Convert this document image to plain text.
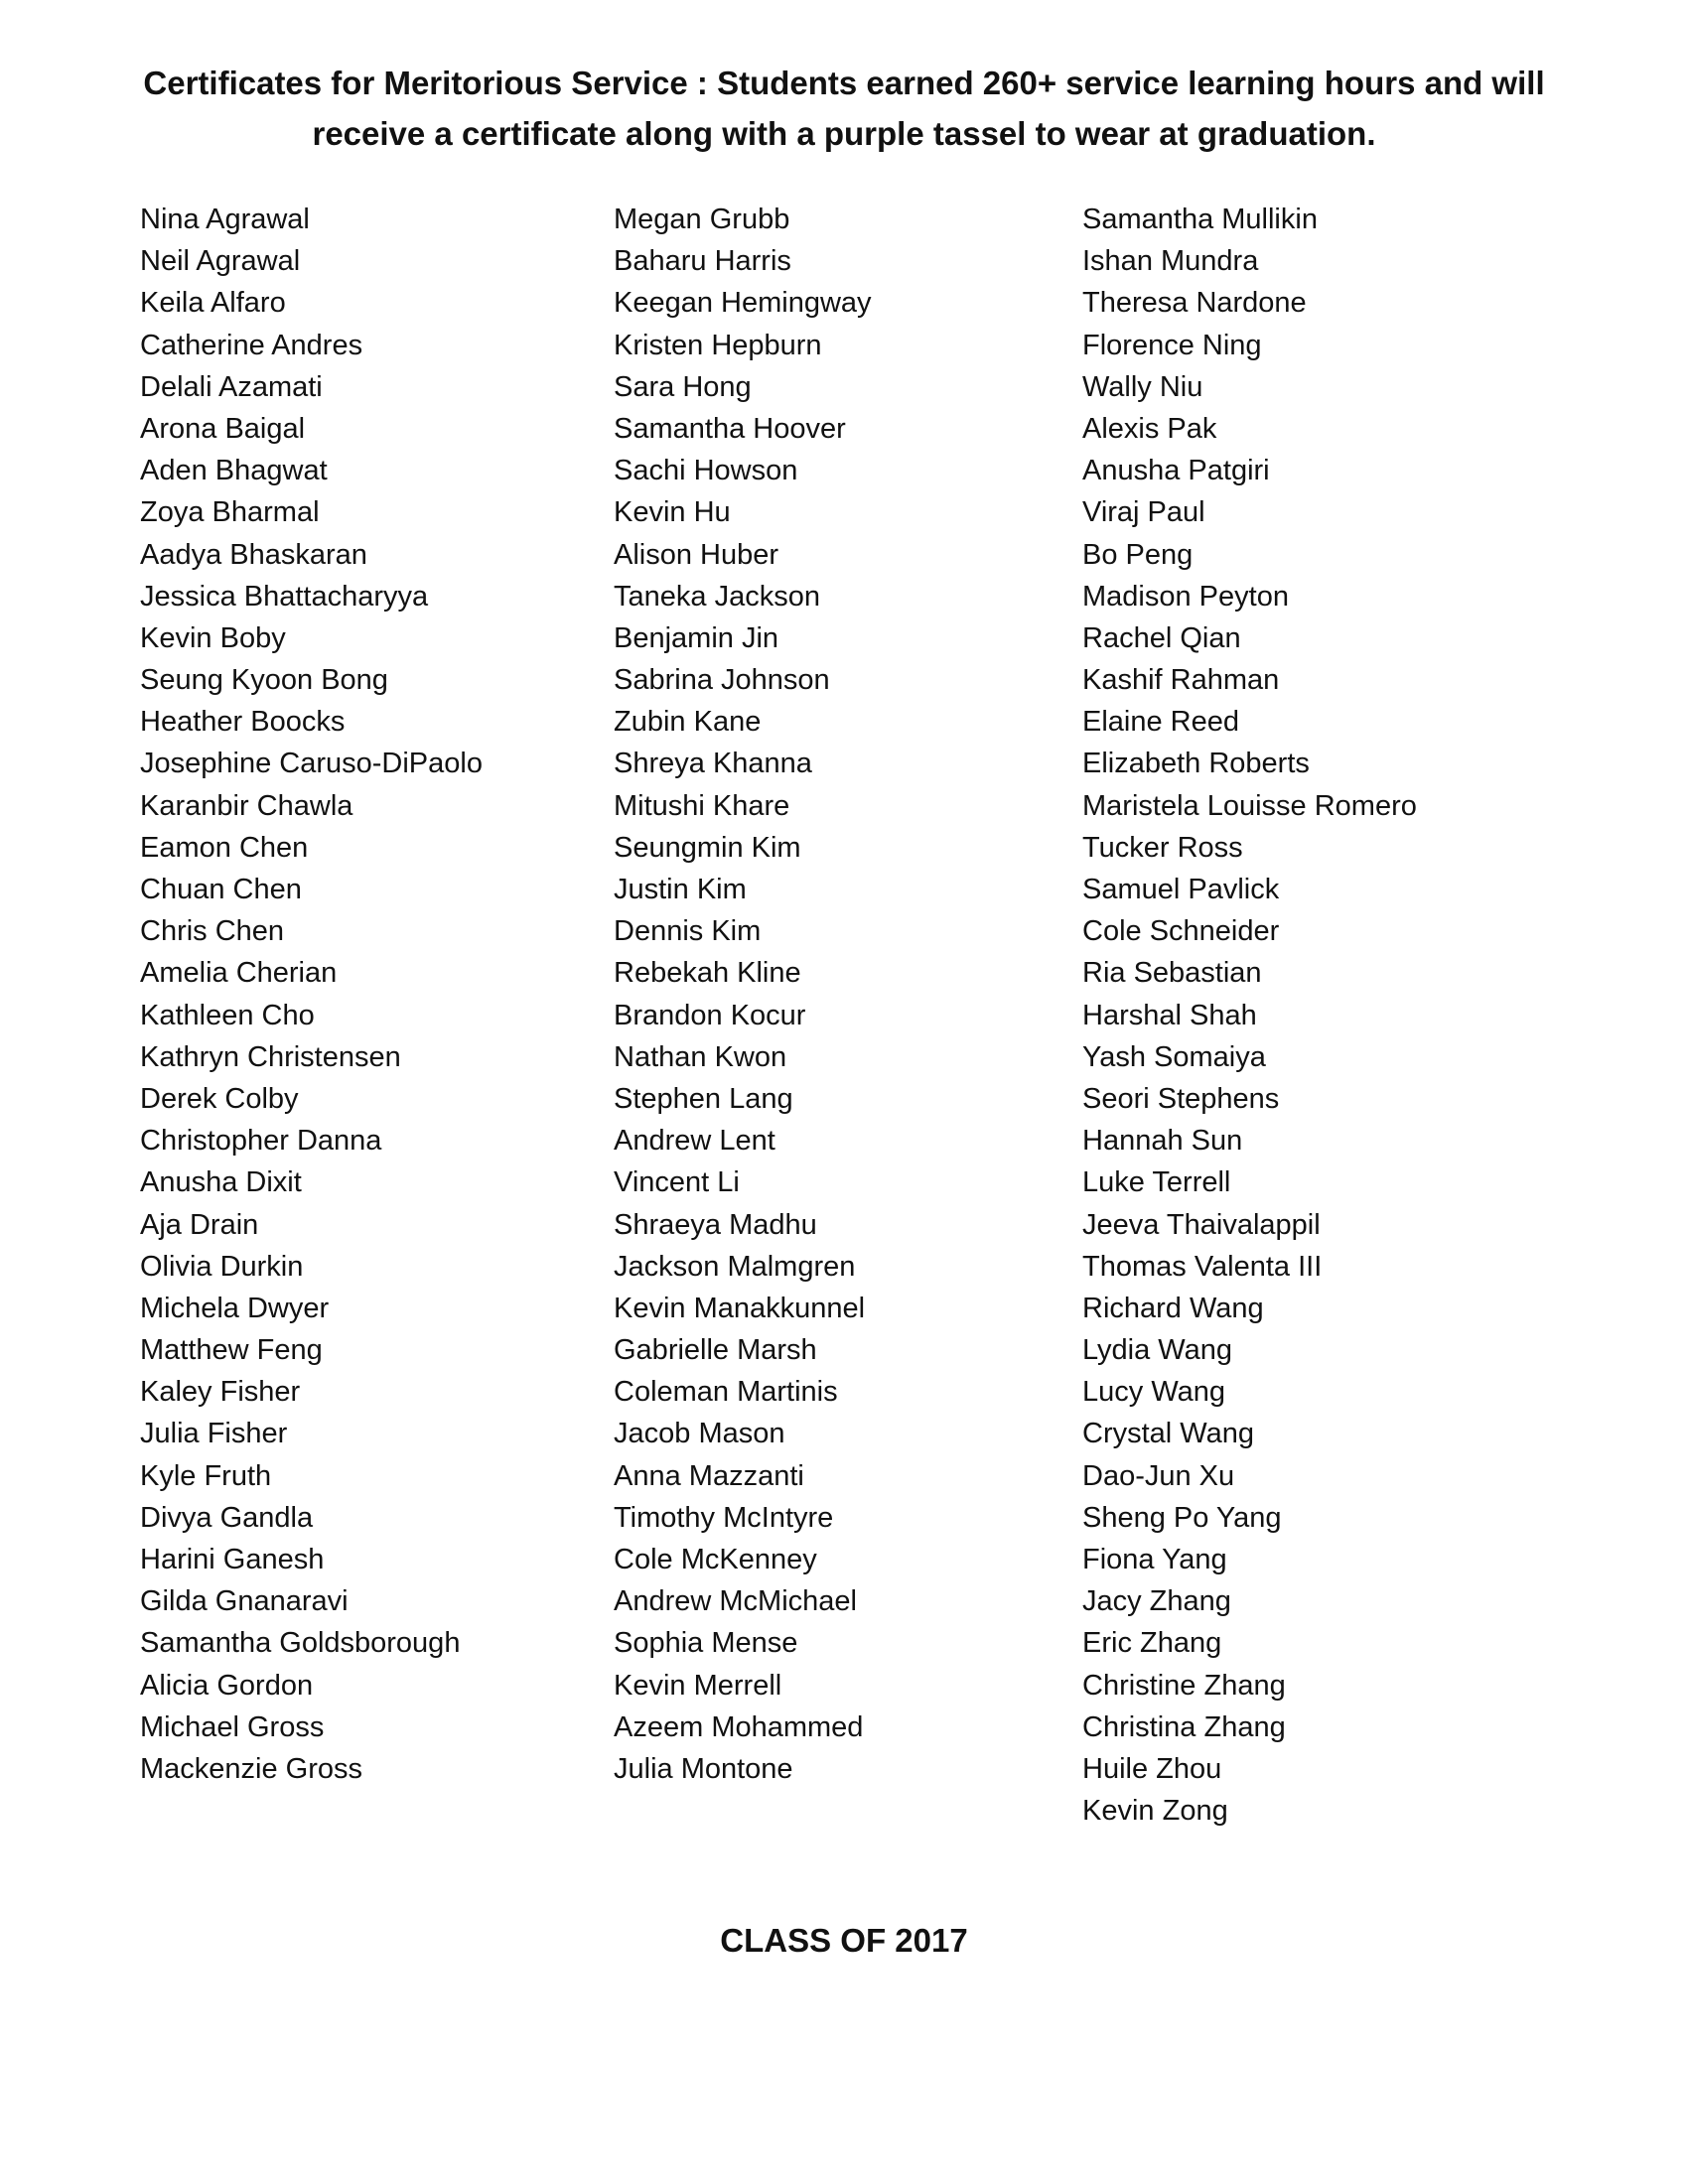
Certificates for Meritorious Service : Students earned 260+ service learning hours and will
receive a certificate along with a purple tassel to wear at graduation.
Nina Agrawal
Neil Agrawal
Keila Alfaro
Catherine Andres
Delali Azamati
Arona Baigal
Aden Bhagwat
Zoya Bharmal
Aadya Bhaskaran
Jessica Bhattacharyya
Kevin Boby
Seung Kyoon Bong
Heather Boocks
Josephine Caruso-DiPaolo
Karanbir Chawla
Eamon Chen
Chuan Chen
Chris Chen
Amelia Cherian
Kathleen Cho
Kathryn Christensen
Derek Colby
Christopher Danna
Anusha Dixit
Aja Drain
Olivia Durkin
Michela Dwyer
Matthew Feng
Kaley Fisher
Julia Fisher
Kyle Fruth
Divya Gandla
Harini Ganesh
Gilda Gnanaravi
Samantha Goldsborough
Alicia Gordon
Michael Gross
Mackenzie Gross
Megan Grubb
Baharu Harris
Keegan Hemingway
Kristen Hepburn
Sara Hong
Samantha Hoover
Sachi Howson
Kevin Hu
Alison Huber
Taneka Jackson
Benjamin Jin
Sabrina Johnson
Zubin Kane
Shreya Khanna
Mitushi Khare
Seungmin Kim
Justin Kim
Dennis Kim
Rebekah Kline
Brandon Kocur
Nathan Kwon
Stephen Lang
Andrew Lent
Vincent Li
Shraeya Madhu
Jackson Malmgren
Kevin Manakkunnel
Gabrielle Marsh
Coleman Martinis
Jacob Mason
Anna Mazzanti
Timothy McIntyre
Cole McKenney
Andrew McMichael
Sophia Mense
Kevin Merrell
Azeem Mohammed
Julia Montone
Samantha Mullikin
Ishan Mundra
Theresa Nardone
Florence Ning
Wally Niu
Alexis Pak
Anusha Patgiri
Viraj Paul
Bo Peng
Madison Peyton
Rachel Qian
Kashif Rahman
Elaine Reed
Elizabeth Roberts
Maristela Louisse Romero
Tucker Ross
Samuel Pavlick
Cole Schneider
Ria Sebastian
Harshal Shah
Yash Somaiya
Seori Stephens
Hannah Sun
Luke Terrell
Jeeva Thaivalappil
Thomas Valenta III
Richard Wang
Lydia Wang
Lucy Wang
Crystal Wang
Dao-Jun Xu
Sheng Po Yang
Fiona Yang
Jacy Zhang
Eric Zhang
Christine Zhang
Christina Zhang
Huile Zhou
Kevin Zong
CLASS OF 2017
